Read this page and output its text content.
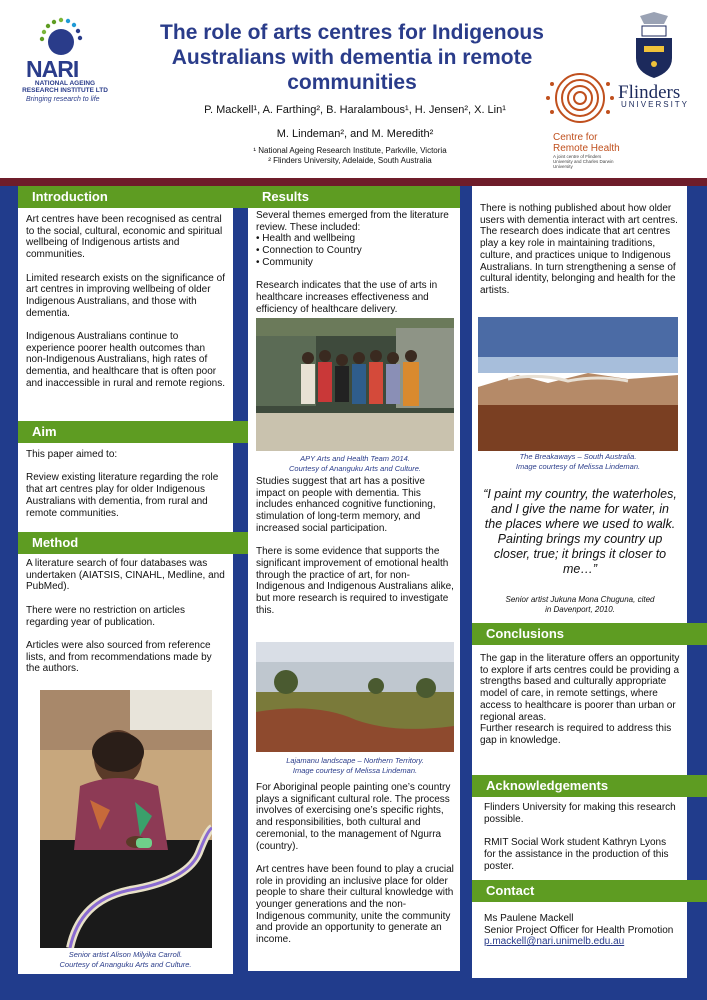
NARI
NATIONAL AGEING RESEARCH INSTITUTE LTD
Bringing research to life
The role of arts centres for Indigenous Australians with dementia in remote communities
P. Mackell¹, A. Farthing², B. Haralambous¹, H. Jensen², X. Lin¹
M. Lindeman², and M. Meredith²
¹ National Ageing Research Institute, Parkville, Victoria
² Flinders University, Adelaide, South Australia
Centre for
Remote Health
A joint centre of Flinders University and Charles Darwin University
Flinders
UNIVERSITY
Introduction

Art centres have been recognised as central to the social, cultural, economic and spiritual wellbeing of Indigenous artists and communities.

Limited research exists on the significance of art centres in improving wellbeing of older Indigenous Australians, and those with dementia.

Indigenous Australians continue to experience poorer health outcomes than non-Indigenous Australians, high rates of dementia, and healthcare that is often poor and inaccessible in rural and remote regions.

Aim

This paper aimed to:

Review existing literature regarding the role that art centres play for older Indigenous Australians with dementia, from rural and remote communities.

Method

A literature search of four databases was undertaken (AIATSIS, CINAHL, Medline, and PubMed).

There were no restriction on articles regarding year of publication.

Articles were also sourced from reference lists, and from recommendations made by the authors.

Senior artist Alison Milyika Carroll.
Courtesy of Ananguku Arts and Culture.
Results

Several themes emerged from the literature review. These included:

• Health and wellbeing
• Connection to Country
• Community

Research indicates that the use of arts in healthcare increases effectiveness and efficiency of healthcare delivery.

APY Arts and Health Team 2014.
Courtesy of Ananguku Arts and Culture.

Studies suggest that art has a positive impact on people with dementia. This includes enhanced cognitive functioning, stimulation of long-term memory, and increased social participation.

There is some evidence that supports the significant improvement of emotional health through the practice of art, for non-Indigenous and Indigenous Australians alike, but more research is required to investigate this.

Lajamanu landscape – Northern Territory.
Image courtesy of Melissa Lindeman.

For Aboriginal people painting one’s country plays a significant cultural role. The process involves of exercising one’s specific rights, and responsibilities, both cultural and ceremonial, to the management of Ngurra (country).

Art centres have been found to play a crucial role in providing an inclusive place for older people to share their cultural knowledge with younger generations and the non-Indigenous community, unite the community and provide an opportunity to generate an income.

There is nothing published about how older users with dementia interact with art centres. The research does indicate that art centres play a key role in maintaining traditions, culture, and practices unique to Indigenous Australians. In turn strengthening a sense of cultural identity, belonging and health for the artists.
The Breakaways – South Australia.
Image courtesy of Melissa Lindeman.
“I paint my country, the waterholes, and I give the name for water, in the places where we used to walk. Painting brings my country up closer, true; it brings it closer to me…”
Senior artist Jukuna Mona Chuguna, cited
in Davenport, 2010.
Conclusions

The gap in the literature offers an opportunity to explore if arts centres could be providing a strengths based and culturally appropriate model of care, in remote settings, where access to healthcare is poorer than urban or regional areas.

Further research is required to address this gap in knowledge.

Acknowledgements

Flinders University for making this research possible.

RMIT Social Work student Kathryn Lyons for the assistance in the production of this poster.

Contact
Ms Paulene Mackell
Senior Project Officer for Health Promotion
p.mackell@nari.unimelb.edu.au
